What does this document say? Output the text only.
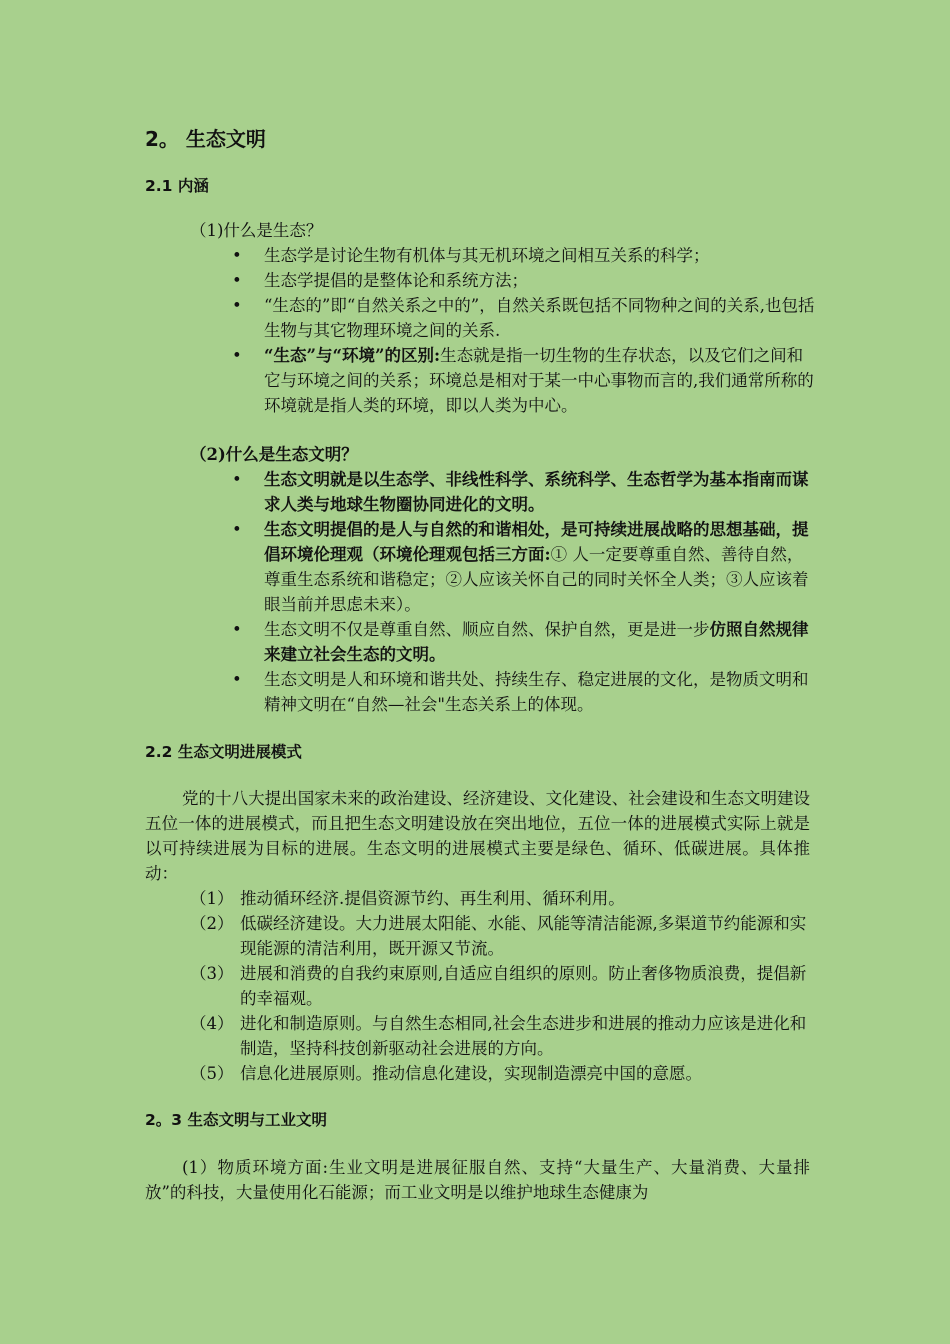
2。 生态文明
2.1 内涵
（1)什么是生态？
•	生态学是讨论生物有机体与其无机环境之间相互关系的科学；
•	生态学提倡的是整体论和系统方法；
•	“生态的”即“自然关系之中的”，自然关系既包括不同物种之间的关系,也包括生物与其它物理环境之间的关系.
•	“生态”与“环境”的区别:生态就是指一切生物的生存状态，以及它们之间和它与环境之间的关系；环境总是相对于某一中心事物而言的,我们通常所称的环境就是指人类的环境，即以人类为中心。
（2)什么是生态文明？
•	生态文明就是以生态学、非线性科学、系统科学、生态哲学为基本指南而谋求人类与地球生物圈协同进化的文明。
•	生态文明提倡的是人与自然的和谐相处，是可持续进展战略的思想基础，提倡环境伦理观（环境伦理观包括三方面:① 人一定要尊重自然、善待自然，尊重生态系统和谐稳定；②人应该关怀自己的同时关怀全人类；③人应该着眼当前并思虑未来）。
•	生态文明不仅是尊重自然、顺应自然、保护自然，更是进一步仿照自然规律来建立社会生态的文明。
•	生态文明是人和环境和谐共处、持续生存、稳定进展的文化，是物质文明和精神文明在“自然—社会"生态关系上的体现。
2.2 生态文明进展模式
党的十八大提出国家未来的政治建设、经济建设、文化建设、社会建设和生态文明建设五位一体的进展模式，而且把生态文明建设放在突出地位，五位一体的进展模式实际上就是以可持续进展为目标的进展。生态文明的进展模式主要是绿色、循环、低碳进展。具体推动：
（1） 推动循环经济.提倡资源节约、再生利用、循环利用。
（2） 低碳经济建设。大力进展太阳能、水能、风能等清洁能源,多渠道节约能源和实现能源的清洁利用，既开源又节流。
（3） 进展和消费的自我约束原则,自适应自组织的原则。防止奢侈物质浪费，提倡新的幸福观。
（4） 进化和制造原则。与自然生态相同,社会生态进步和进展的推动力应该是进化和制造，坚持科技创新驱动社会进展的方向。
（5） 信息化进展原则。推动信息化建设，实现制造漂亮中国的意愿。
2。3 生态文明与工业文明
(1）物质环境方面:生业文明是进展征服自然、支持“大量生产、大量消费、大量排放”的科技，大量使用化石能源；而工业文明是以维护地球生态健康为
